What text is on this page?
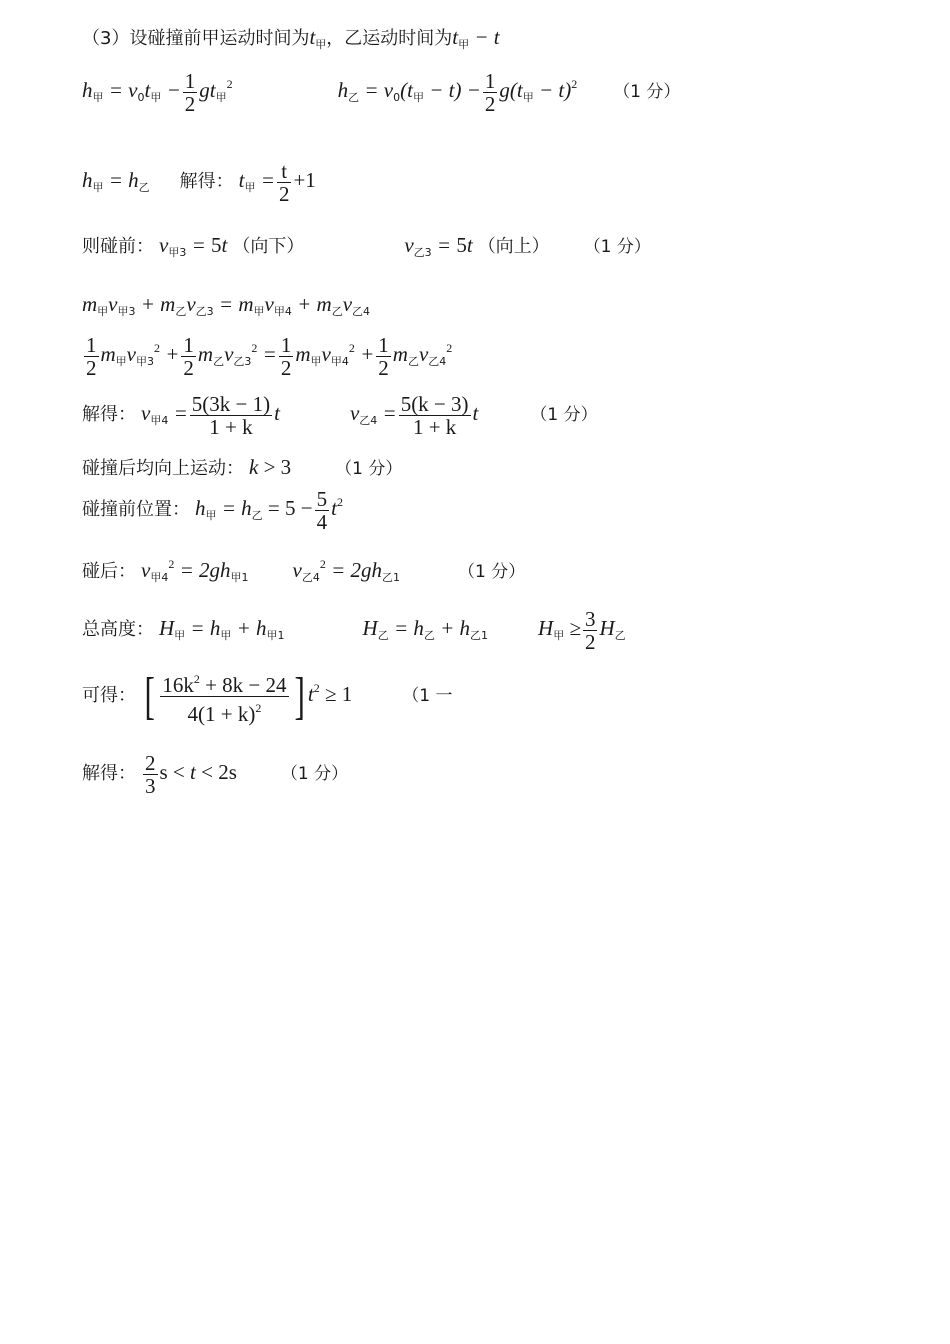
（3）设碰撞前甲运动时间为$t_甲$，乙运动时间为$t_甲 - t$
$h_甲 = v_0t_甲 - \frac{1}{2} gt_甲^2$	$h_乙 = v_0(t_甲 - t) - \frac{1}{2} g(t_甲 - t)^2$ （1 分）
$h_甲 = h_乙$ 解得： $t_甲 = \frac{t}{2} +1$
则碰前： $v_{甲3} = 5t$ （向下）	$v_{乙3} = 5t$ （向上） （1 分）
$m_甲v_{甲3} + m_乙v_{乙3} = m_甲v_{甲4} + m_乙v_{乙4}$
$\frac{1}{2} m_甲v_{甲3}^2 + \frac{1}{2} m_乙v_{乙3}^2 = \frac{1}{2} m_甲v_{甲4}^2 + \frac{1}{2} m_乙v_{乙4}^2$
解得： $v_{甲4} = \frac{5(3k - 1)}{1 + k}$ t	$v_{乙4} = \frac{5(k - 3)}{1 + k}$ t	（1 分）
碰撞后均向上运动： k > 3	（1 分）
碰撞前位置： $h_甲 = h_乙 = 5 - \frac{5}{4} t^2$
碰后： $v_{甲4}^2 = 2gh_{甲1}$ $v_{乙4}^2 = 2gh_{乙1}$	（1 分）
总高度： $H_甲 = h_甲 + h_{甲1}$	$H_乙 = h_乙 + h_{乙1}$ $H_甲 \ge \frac{3}{2} H_乙$
可得： [ $\frac{16k^2 + 8k - 24}{4(1 + k)^2}$ ] $t^2 \ge 1$	（1 ⼀
解得： $\frac{2}{3}$ s < t < 2s	（1 分）
